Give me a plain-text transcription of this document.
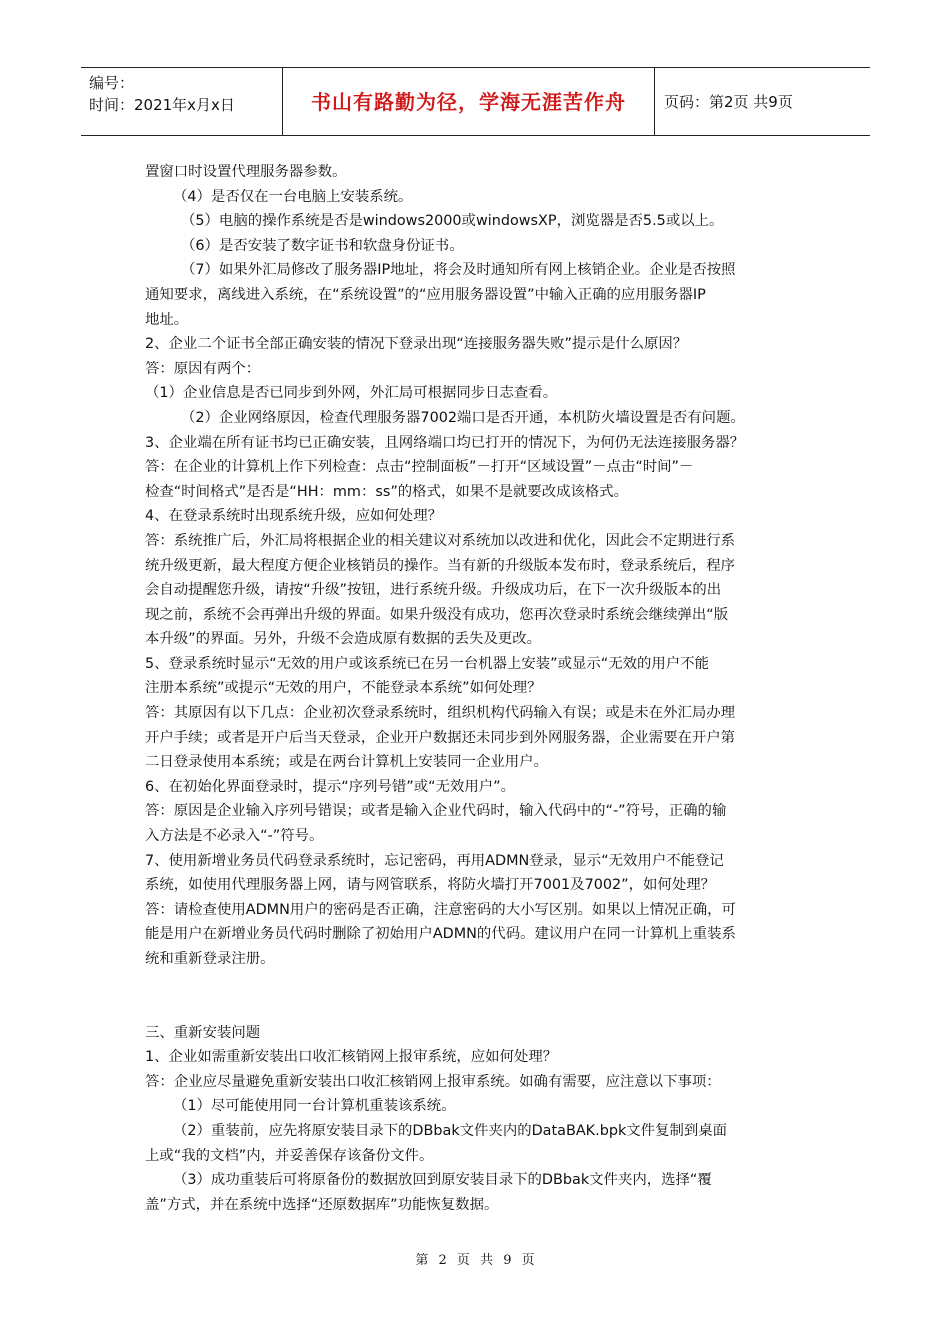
编号：
时间：2021年x月x日	书山有路勤为径，学海无涯苦作舟	页码：第2页 共9页
置窗口时设置代理服务器参数。
（4）是否仅在一台电脑上安装系统。
（5）电脑的操作系统是否是windows2000或windowsXP，浏览器是否5.5或以上。
（6）是否安装了数字证书和软盘身份证书。
（7）如果外汇局修改了服务器IP地址，将会及时通知所有网上核销企业。企业是否按照
通知要求，离线进入系统，在“系统设置”的“应用服务器设置”中输入正确的应用服务器IP
地址。
2、企业二个证书全部正确安装的情况下登录出现“连接服务器失败”提示是什么原因？
答：原因有两个：
（1）企业信息是否已同步到外网，外汇局可根据同步日志查看。
（2）企业网络原因，检查代理服务器7002端口是否开通，本机防火墙设置是否有问题。
3、企业端在所有证书均已正确安装，且网络端口均已打开的情况下，为何仍无法连接服务器？
答：在企业的计算机上作下列检查：点击“控制面板”－打开“区域设置”－点击“时间”－
检查“时间格式”是否是“HH：mm：ss”的格式，如果不是就要改成该格式。
4、在登录系统时出现系统升级，应如何处理？
答：系统推广后，外汇局将根据企业的相关建议对系统加以改进和优化，因此会不定期进行系
统升级更新，最大程度方便企业核销员的操作。当有新的升级版本发布时，登录系统后，程序
会自动提醒您升级，请按“升级”按钮，进行系统升级。升级成功后，在下一次升级版本的出
现之前，系统不会再弹出升级的界面。如果升级没有成功，您再次登录时系统会继续弹出“版
本升级”的界面。另外，升级不会造成原有数据的丢失及更改。
5、登录系统时显示“无效的用户或该系统已在另一台机器上安装”或显示“无效的用户不能
注册本系统”或提示“无效的用户，不能登录本系统”如何处理？
答：其原因有以下几点：企业初次登录系统时，组织机构代码输入有误；或是未在外汇局办理
开户手续；或者是开户后当天登录，企业开户数据还未同步到外网服务器，企业需要在开户第
二日登录使用本系统；或是在两台计算机上安装同一企业用户。
6、在初始化界面登录时，提示“序列号错”或“无效用户”。
答：原因是企业输入序列号错误；或者是输入企业代码时，输入代码中的“-”符号，正确的输
入方法是不必录入“-”符号。
7、使用新增业务员代码登录系统时，忘记密码，再用ADMN登录，显示“无效用户不能登记
系统，如使用代理服务器上网，请与网管联系，将防火墙打开7001及7002”，如何处理？
答：请检查使用ADMN用户的密码是否正确，注意密码的大小写区别。如果以上情况正确，可
能是用户在新增业务员代码时删除了初始用户ADMN的代码。建议用户在同一计算机上重装系
统和重新登录注册。
三、重新安装问题
1、企业如需重新安装出口收汇核销网上报审系统，应如何处理？
答：企业应尽量避免重新安装出口收汇核销网上报审系统。如确有需要，应注意以下事项：
（1）尽可能使用同一台计算机重装该系统。
（2）重装前，应先将原安装目录下的DBbak文件夹内的DataBAK.bpk文件复制到桌面
上或“我的文档”内，并妥善保存该备份文件。
（3）成功重装后可将原备份的数据放回到原安装目录下的DBbak文件夹内，选择“覆
盖”方式，并在系统中选择“还原数据库”功能恢复数据。
第 2 页 共 9 页
